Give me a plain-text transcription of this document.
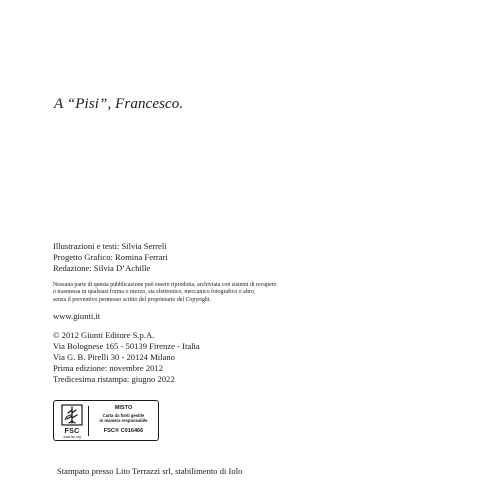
A “Pisi”, Francesco.
Illustrazioni e testi: Silvia Serreli
Progetto Grafico: Romina Ferrari
Redazione: Silvia D’Achille
Nessuna parte di questa pubblicazione può essere riprodotta, archiviata con sistemi di recupero
o trasmessa in qualsiasi forma o mezzo, sia elettronico, meccanico fotografico o altro,
senza il preventivo permesso scritto del proprietario del Copyright.
www.giunti.it
© 2012 Giunti Editore S.p.A.
Via Bolognese 165 - 50139 Firenze - Italia
Via G. B. Pirelli 30 - 20124 Milano
Prima edizione: novembre 2012
Tredicesima ristampa: giugno 2022
FSC
www.fsc.org
MISTO
Carta da fonti gestite
in maniera responsabile
FSC® C016466
Stampato presso Lito Terrazzi srl, stabilimento di Iolo
